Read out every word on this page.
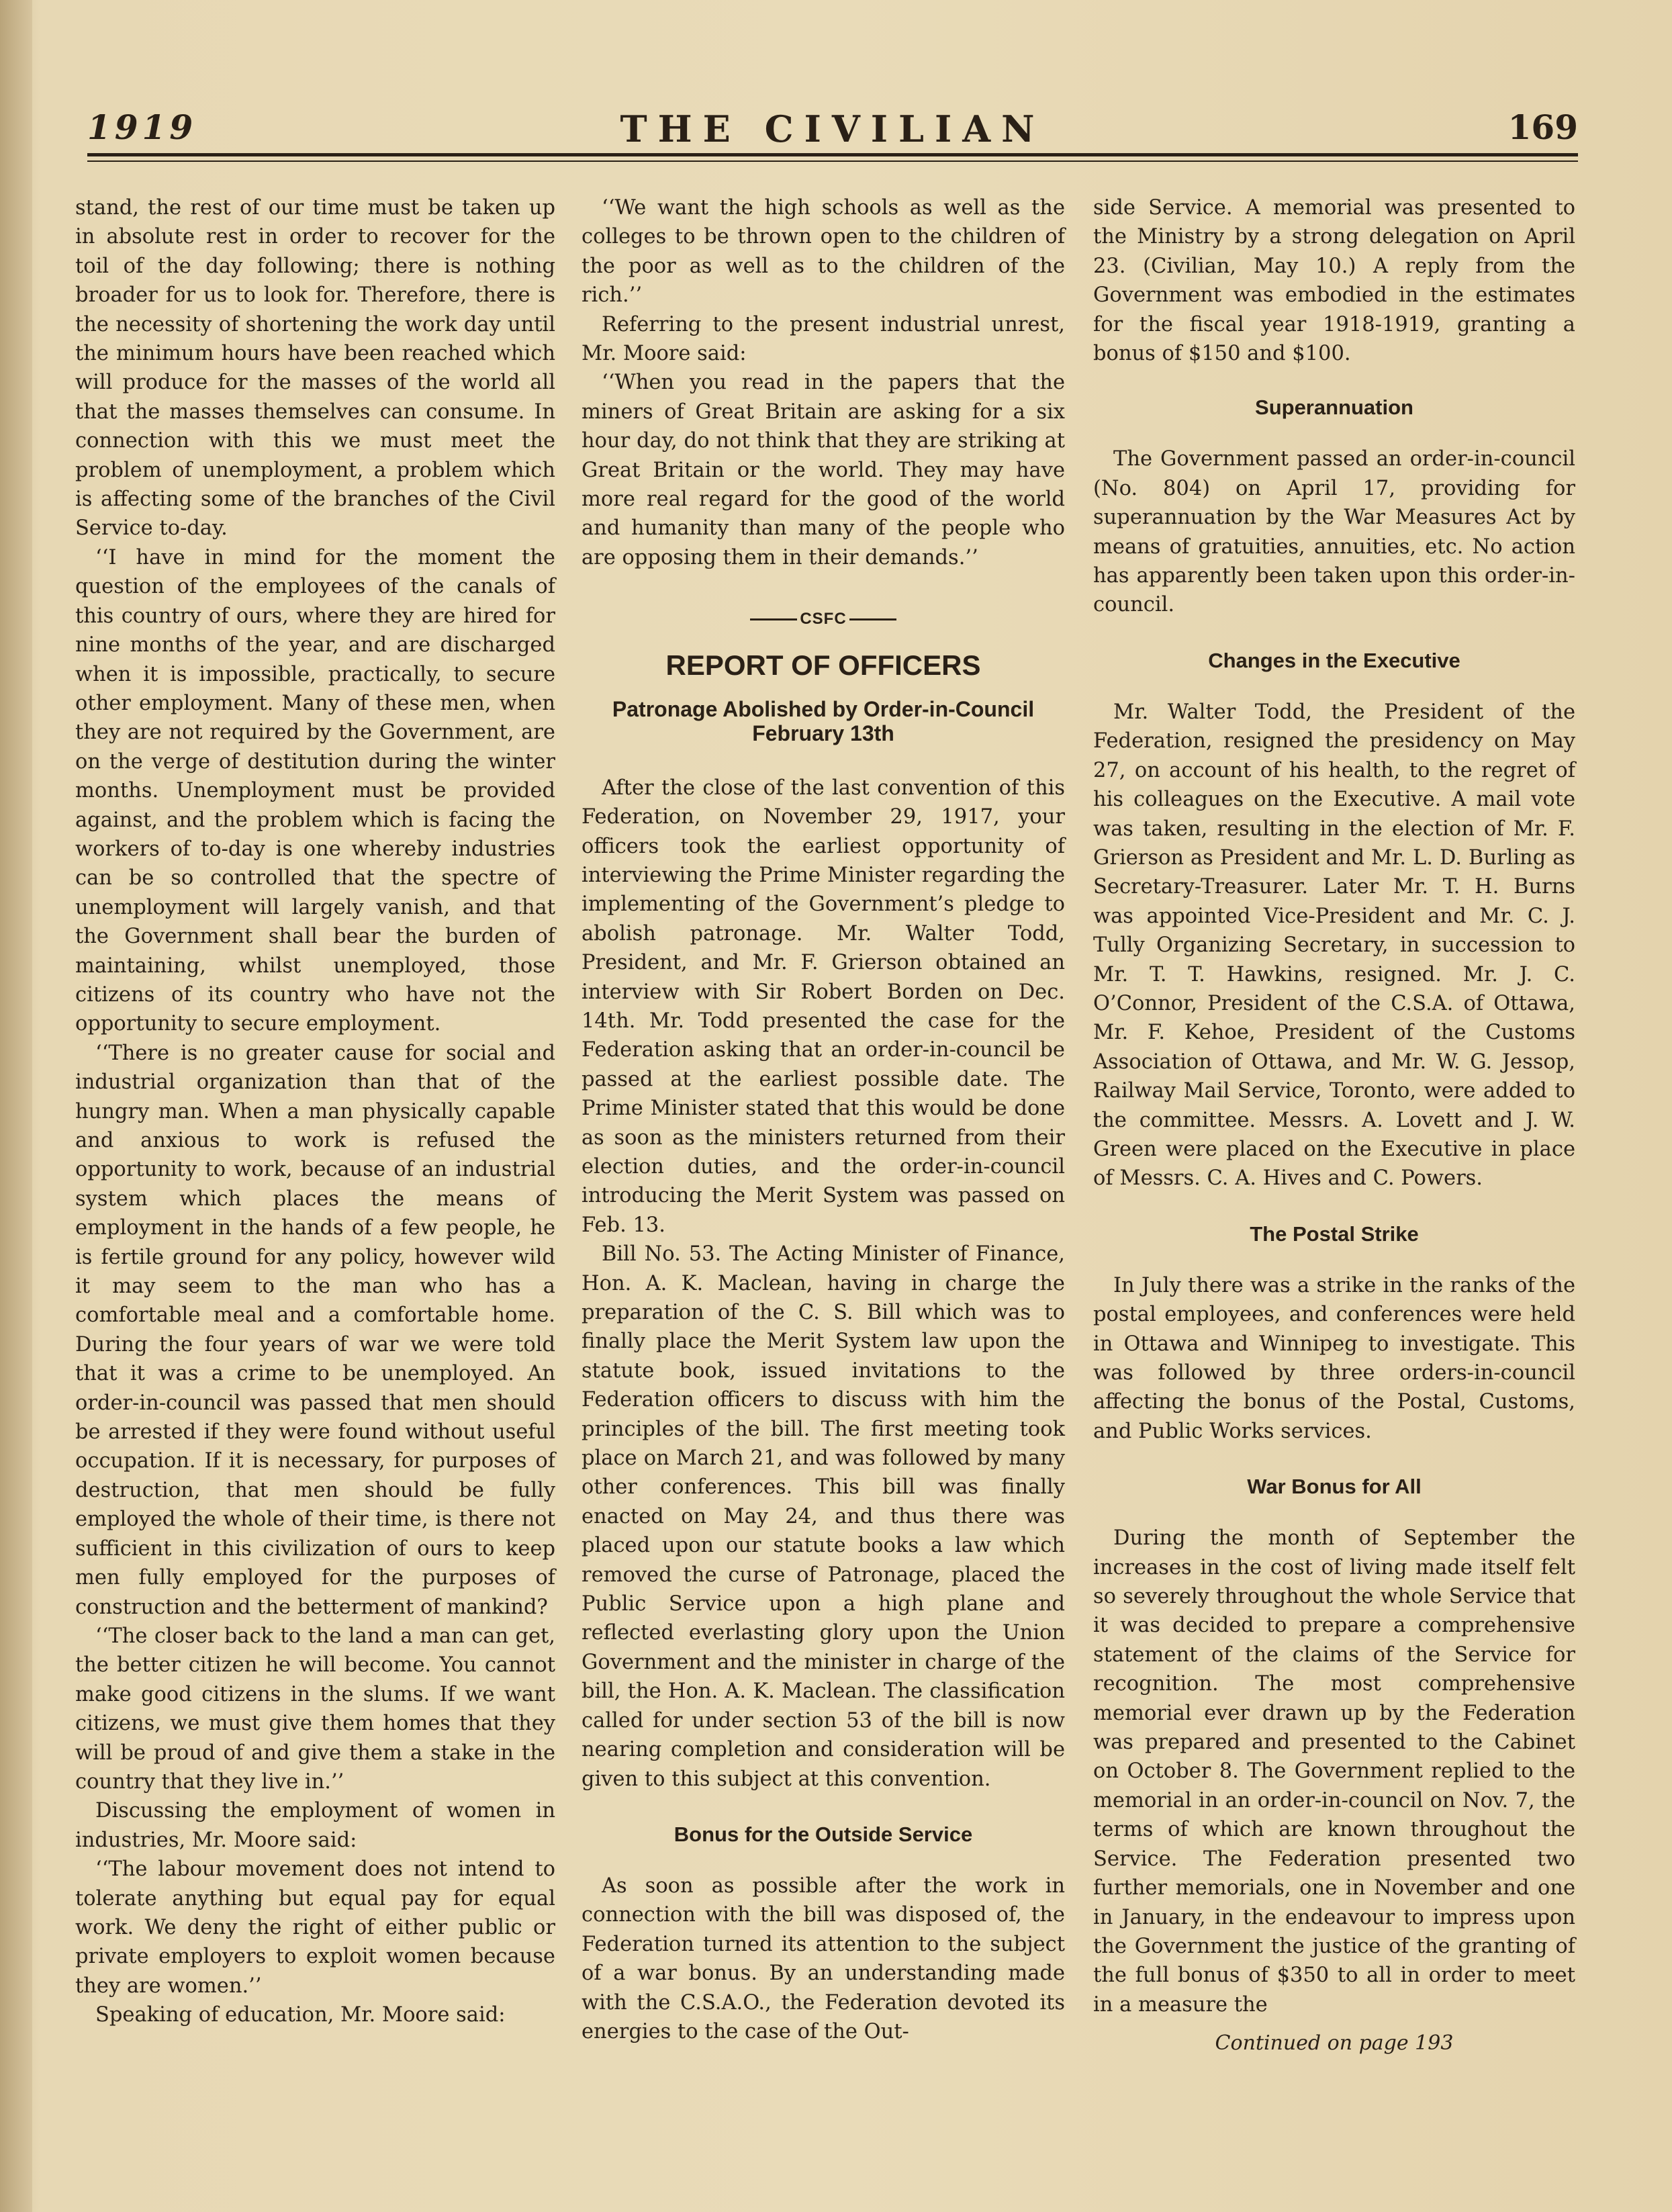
1919	THE CIVILIAN	169

stand, the rest of our time must be taken up in absolute rest in order to recover for the toil of the day following; there is nothing broader for us to look for. Therefore, there is the necessity of shortening the work day until the minimum hours have been reached which will produce for the masses of the world all that the masses themselves can consume. In connection with this we must meet the problem of unemployment, a problem which is affecting some of the branches of the Civil Service to-day.

‘‘I have in mind for the moment the question of the employees of the canals of this country of ours, where they are hired for nine months of the year, and are discharged when it is impossible, practically, to secure other employment. Many of these men, when they are not required by the Government, are on the verge of destitution during the winter months. Unemployment must be provided against, and the problem which is facing the workers of to-day is one whereby industries can be so controlled that the spectre of unemployment will largely vanish, and that the Government shall bear the burden of maintaining, whilst unemployed, those citizens of its country who have not the opportunity to secure employment.

‘‘There is no greater cause for social and industrial organization than that of the hungry man. When a man physically capable and anxious to work is refused the opportunity to work, because of an industrial system which places the means of employment in the hands of a few people, he is fertile ground for any policy, however wild it may seem to the man who has a comfortable meal and a comfortable home. During the four years of war we were told that it was a crime to be unemployed. An order-in-council was passed that men should be arrested if they were found without useful occupation. If it is necessary, for purposes of destruction, that men should be fully employed the whole of their time, is there not sufficient in this civilization of ours to keep men fully employed for the purposes of construction and the betterment of mankind?

‘‘The closer back to the land a man can get, the better citizen he will become. You cannot make good citizens in the slums. If we want citizens, we must give them homes that they will be proud of and give them a stake in the country that they live in.’’

Discussing the employment of women in industries, Mr. Moore said:

‘‘The labour movement does not intend to tolerate anything but equal pay for equal work. We deny the right of either public or private employers to exploit women because they are women.’’

Speaking of education, Mr. Moore said:

‘‘We want the high schools as well as the colleges to be thrown open to the children of the poor as well as to the children of the rich.’’

Referring to the present industrial unrest, Mr. Moore said:

‘‘When you read in the papers that the miners of Great Britain are asking for a six hour day, do not think that they are striking at Great Britain or the world. They may have more real regard for the good of the world and humanity than many of the people who are opposing them in their demands.’’

CSFC
REPORT OF OFFICERS
Patronage Abolished by Order-in-Council February 13th

After the close of the last convention of this Federation, on November 29, 1917, your officers took the earliest opportunity of interviewing the Prime Minister regarding the implementing of the Government’s pledge to abolish patronage. Mr. Walter Todd, President, and Mr. F. Grierson obtained an interview with Sir Robert Borden on Dec. 14th. Mr. Todd presented the case for the Federation asking that an order-in-council be passed at the earliest possible date. The Prime Minister stated that this would be done as soon as the ministers returned from their election duties, and the order-in-council introducing the Merit System was passed on Feb. 13.

Bill No. 53. The Acting Minister of Finance, Hon. A. K. Maclean, having in charge the preparation of the C. S. Bill which was to finally place the Merit System law upon the statute book, issued invitations to the Federation officers to discuss with him the principles of the bill. The first meeting took place on March 21, and was followed by many other conferences. This bill was finally enacted on May 24, and thus there was placed upon our statute books a law which removed the curse of Patronage, placed the Public Service upon a high plane and reflected everlasting glory upon the Union Government and the minister in charge of the bill, the Hon. A. K. Maclean. The classification called for under section 53 of the bill is now nearing completion and consideration will be given to this subject at this convention.

Bonus for the Outside Service

As soon as possible after the work in connection with the bill was disposed of, the Federation turned its attention to the subject of a war bonus. By an understanding made with the C.S.A.O., the Federation devoted its energies to the case of the Out-

side Service. A memorial was presented to the Ministry by a strong delegation on April 23. (Civilian, May 10.) A reply from the Government was embodied in the estimates for the fiscal year 1918-1919, granting a bonus of $150 and $100.

Superannuation

The Government passed an order-in-council (No. 804) on April 17, providing for superannuation by the War Measures Act by means of gratuities, annuities, etc. No action has apparently been taken upon this order-in-council.

Changes in the Executive

Mr. Walter Todd, the President of the Federation, resigned the presidency on May 27, on account of his health, to the regret of his colleagues on the Executive. A mail vote was taken, resulting in the election of Mr. F. Grierson as President and Mr. L. D. Burling as Secretary-Treasurer. Later Mr. T. H. Burns was appointed Vice-President and Mr. C. J. Tully Organizing Secretary, in succession to Mr. T. T. Hawkins, resigned. Mr. J. C. O’Connor, President of the C.S.A. of Ottawa, Mr. F. Kehoe, President of the Customs Association of Ottawa, and Mr. W. G. Jessop, Railway Mail Service, Toronto, were added to the committee. Messrs. A. Lovett and J. W. Green were placed on the Executive in place of Messrs. C. A. Hives and C. Powers.

The Postal Strike

In July there was a strike in the ranks of the postal employees, and conferences were held in Ottawa and Winnipeg to investigate. This was followed by three orders-in-council affecting the bonus of the Postal, Customs, and Public Works services.

War Bonus for All

During the month of September the increases in the cost of living made itself felt so severely throughout the whole Service that it was decided to prepare a comprehensive statement of the claims of the Service for recognition. The most comprehensive memorial ever drawn up by the Federation was prepared and presented to the Cabinet on October 8. The Government replied to the memorial in an order-in-council on Nov. 7, the terms of which are known throughout the Service. The Federation presented two further memorials, one in November and one in January, in the endeavour to impress upon the Government the justice of the granting of the full bonus of $350 to all in order to meet in a measure the

Continued on page 193
